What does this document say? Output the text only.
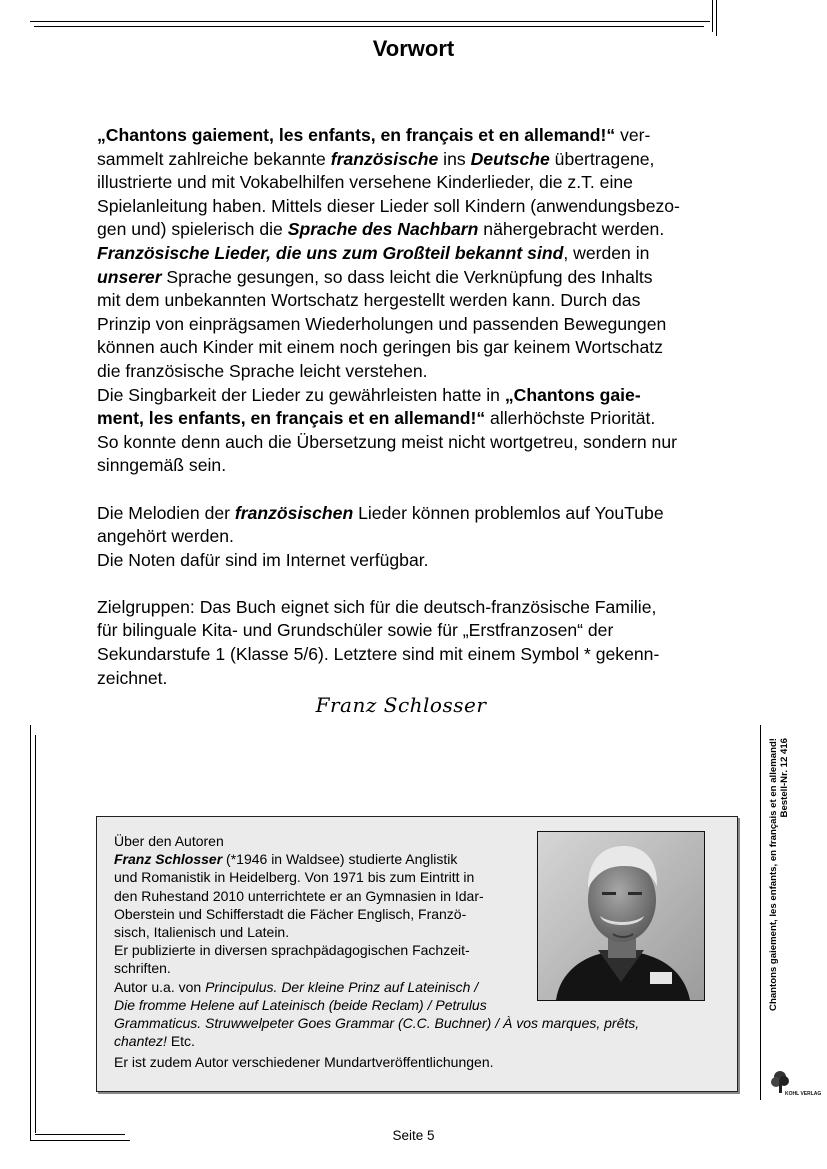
Vorwort

„Chantons gaiement, les enfants, en français et en allemand!“ ver-

sammelt zahlreiche bekannte französische ins Deutsche übertragene,

illustrierte und mit Vokabelhilfen versehene Kinderlieder, die z.T. eine

Spielanleitung haben. Mittels dieser Lieder soll Kindern (anwendungsbezo-

gen und) spielerisch die Sprache des Nachbarn nähergebracht werden.

Französische Lieder, die uns zum Großteil bekannt sind, werden in

unserer Sprache gesungen, so dass leicht die Verknüpfung des Inhalts

mit dem unbekannten Wortschatz hergestellt werden kann. Durch das

Prinzip von einprägsamen Wiederholungen und passenden Bewegungen

können auch Kinder mit einem noch geringen bis gar keinem Wortschatz

die französische Sprache leicht verstehen.

Die Singbarkeit der Lieder zu gewährleisten hatte in „Chantons gaie-

ment, les enfants, en français et en allemand!“ allerhöchste Priorität.

So konnte denn auch die Übersetzung meist nicht wortgetreu, sondern nur

sinngemäß sein.

Die Melodien der französischen Lieder können problemlos auf YouTube

angehört werden.

Die Noten dafür sind im Internet verfügbar.

Zielgruppen: Das Buch eignet sich für die deutsch-französische Familie,

für bilinguale Kita- und Grundschüler sowie für „Erstfranzosen“ der

Sekundarstufe 1 (Klasse 5/6). Letztere sind mit einem Symbol * gekenn-

zeichnet.

Franz Schlosser

Über den Autoren

Franz Schlosser (*1946 in Waldsee) studierte Anglistik

und Romanistik in Heidelberg. Von 1971 bis zum Eintritt in

den Ruhestand 2010 unterrichtete er an Gymnasien in Idar-

Oberstein und Schifferstadt die Fächer Englisch, Franzö-

sisch, Italienisch und Latein.

Er publizierte in diversen sprachpädagogischen Fachzeit-

schriften.

Autor u.a. von Principulus. Der kleine Prinz auf Lateinisch /

Die fromme Helene auf Lateinisch (beide Reclam) / Petrulus

Grammaticus. Struwwelpeter Goes Grammar (C.C. Buchner) / À vos marques, prêts,

chantez! Etc.

Er ist zudem Autor verschiedener Mundartveröffentlichungen.

Chantons gaiement, les enfants, en français et en allemand! Bestell-Nr. 12 416

KOHL VERLAG
Seite 5
